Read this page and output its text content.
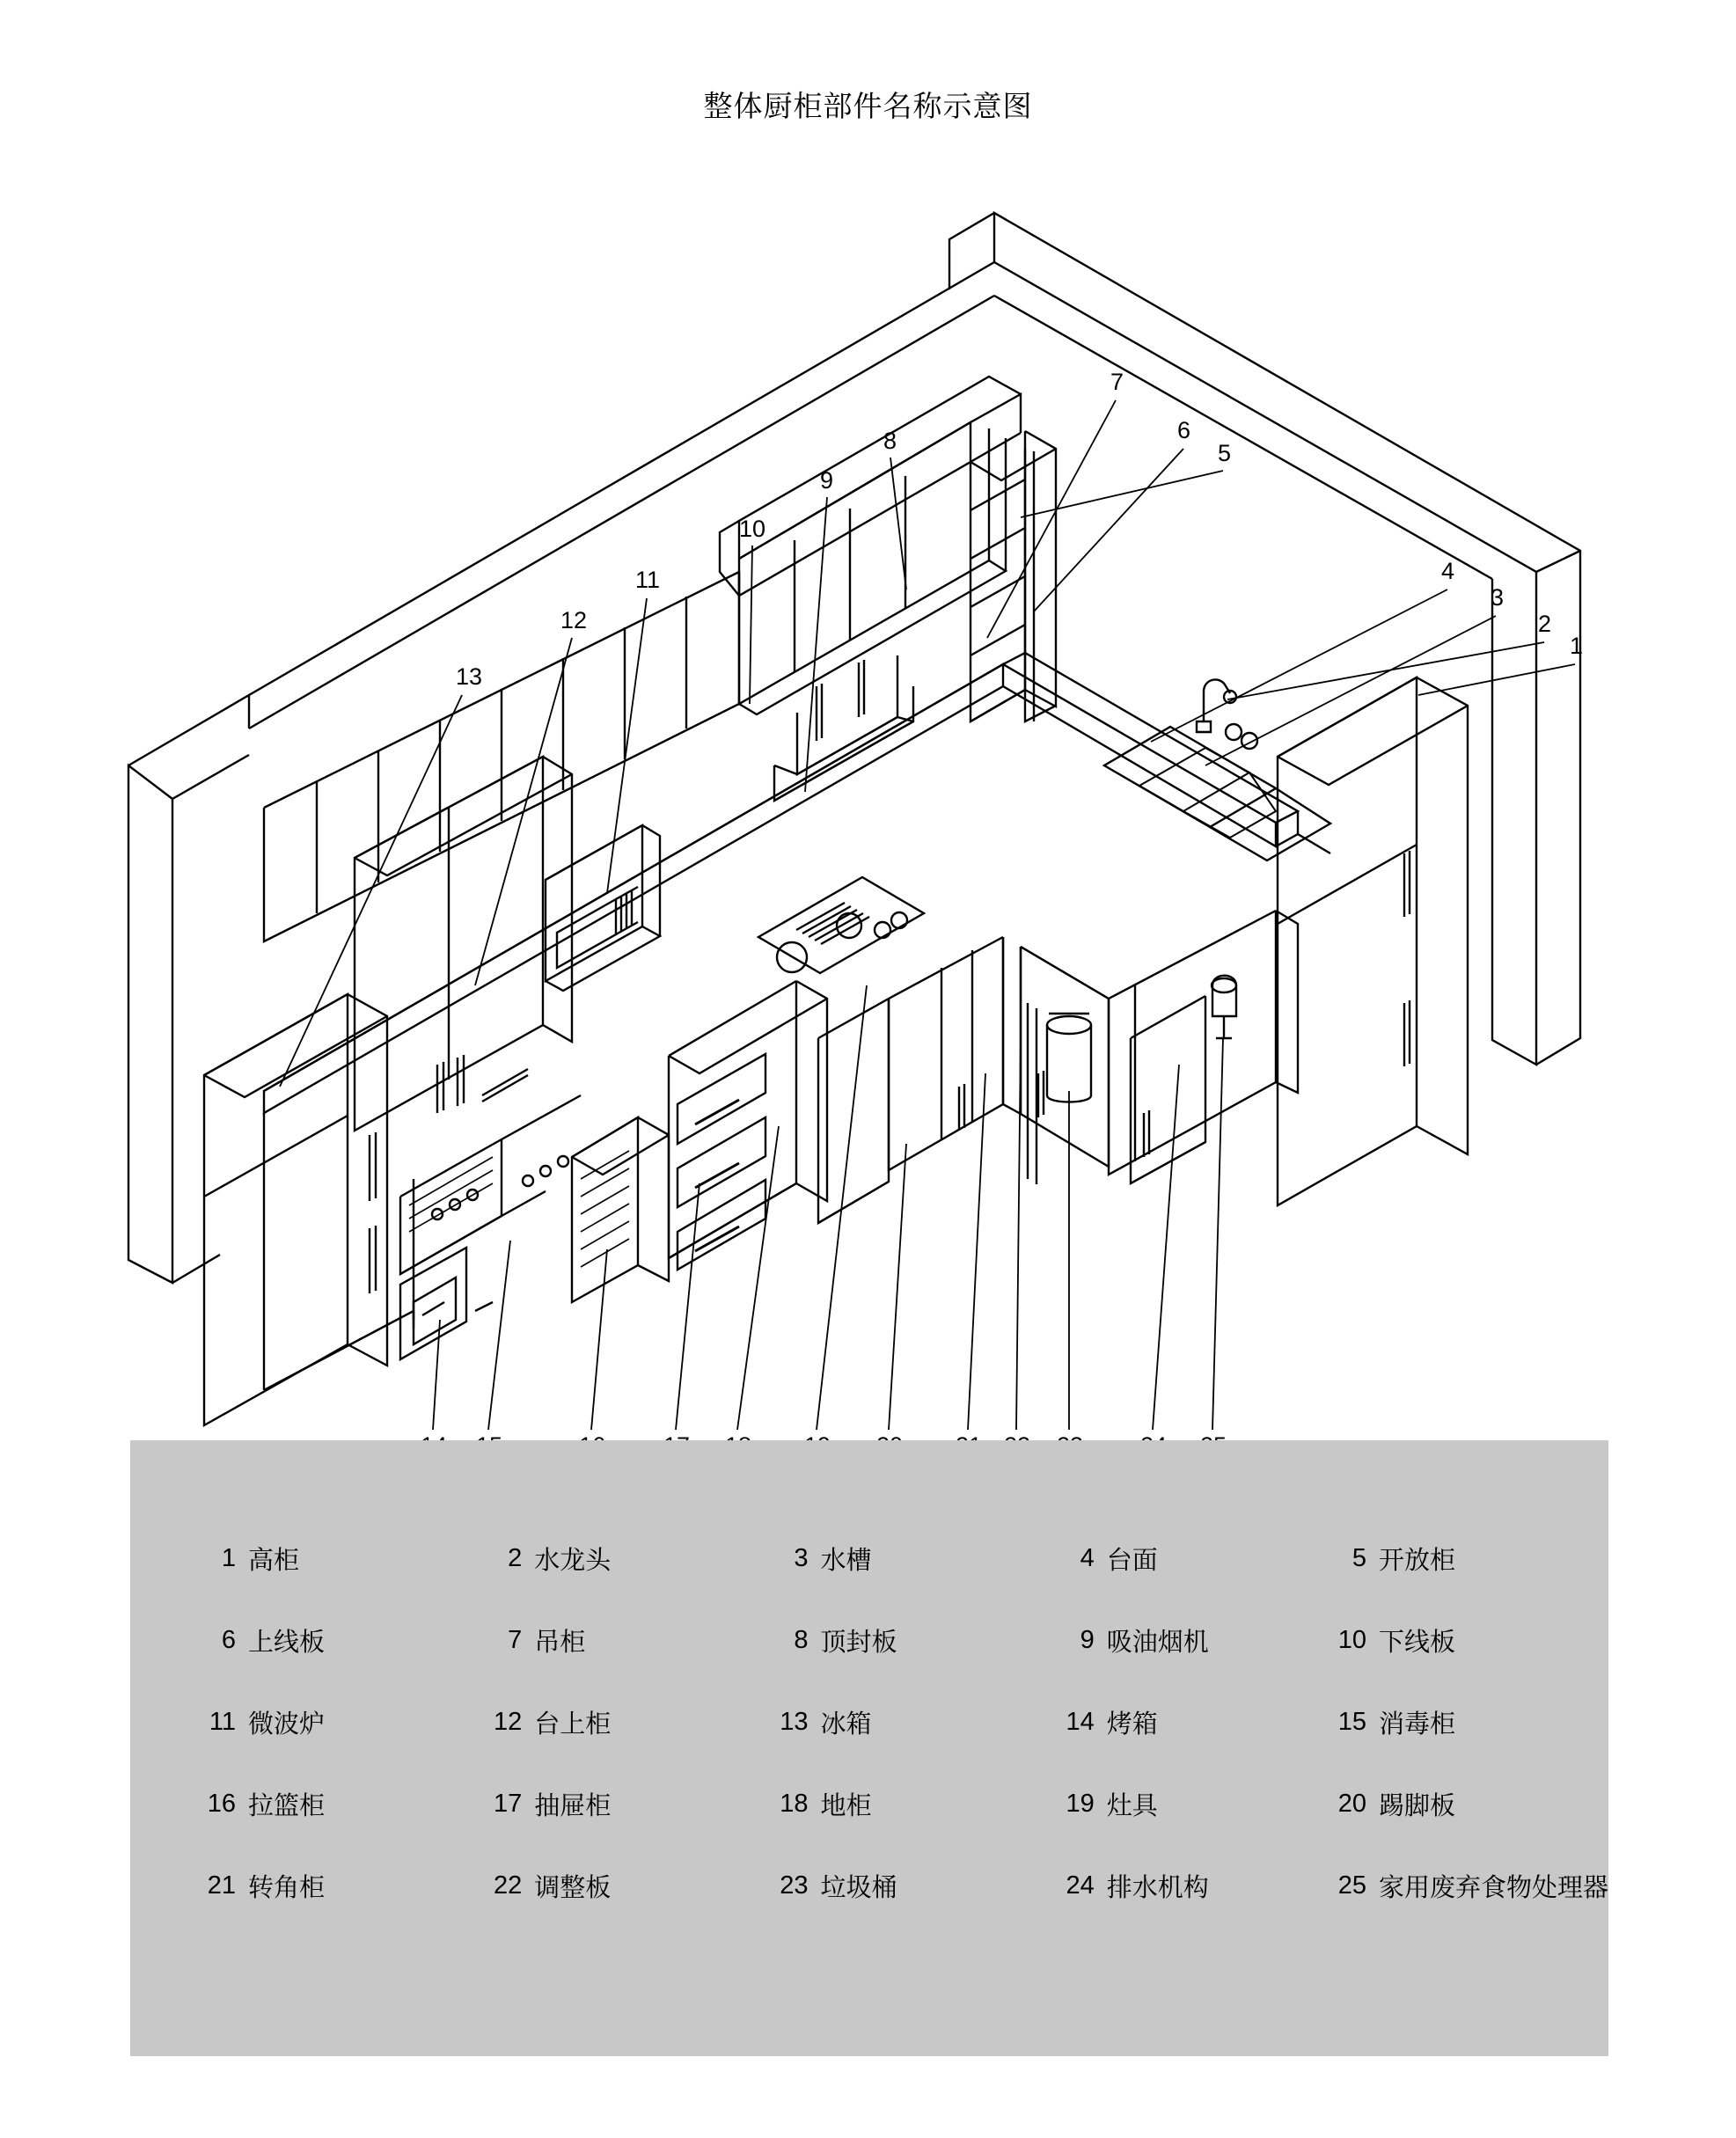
整体厨柜部件名称示意图
13
12
11
10
9
8
7
6
5
4
3
2
1
1 高柜	2 水龙头	3 水槽	4 台面	5 开放柜
6 上线板	7 吊柜	8 顶封板	9 吸油烟机	10 下线板
11 微波炉	12 台上柜	13 冰箱	14 烤箱	15 消毒柜
16 拉篮柜	17 抽屉柜	18 地柜	19 灶具	20 踢脚板
21 转角柜	22 调整板	23 垃圾桶	24 排水机构	25 家用废弃食物处理器
